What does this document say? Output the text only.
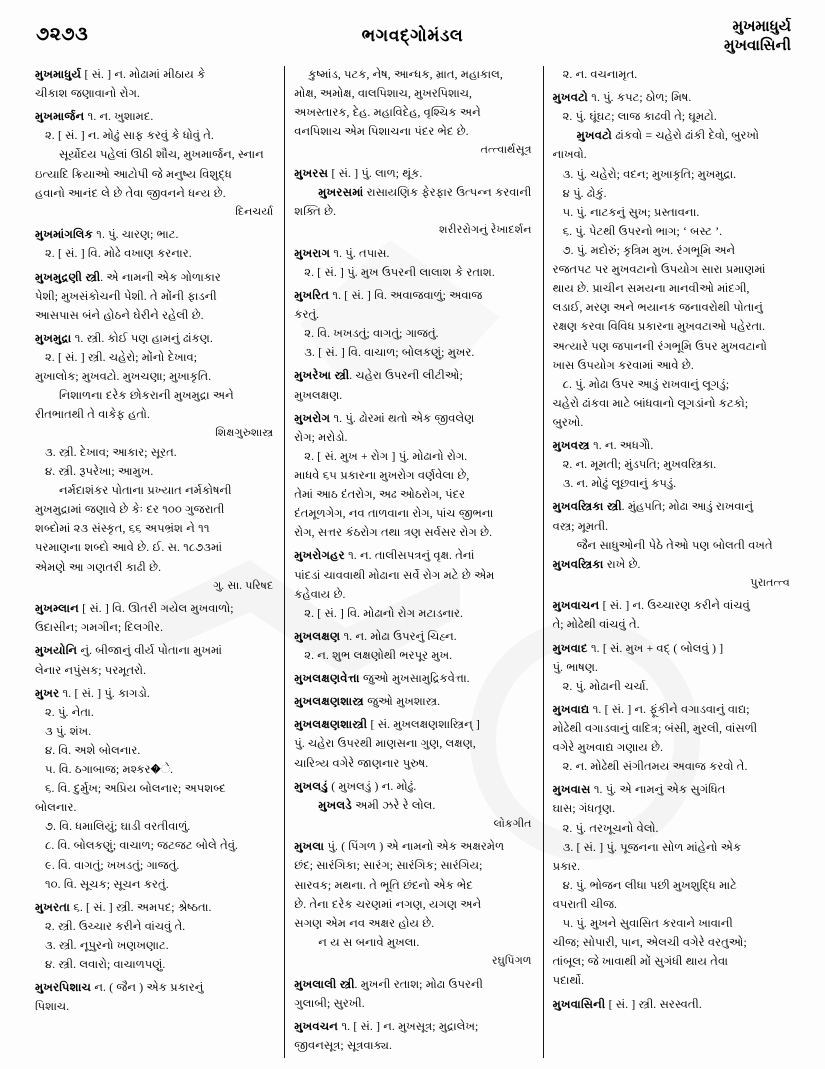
૭૨૭૩	ભગવદ્ગોમંડલ	મુખમાધુર્ય
મુખવાસિની

મુખમાધુર્ય [ સં. ] ન. મોઢામાં મીઠાય કે

ચીકાશ જણાવાનો રોગ.

મુખમાર્જન ૧. ન. ખુશામદ.

૨. [ સં. ] ન. મોઢું સાફ કરવું કે ધોવું તે.

સૂર્યોદય પહેલાં ઊઠી શૌચ, મુખમાર્જન, સ્નાન

ઇત્યાદિ ક્રિયાઓ આટોપી જે મનુષ્ય વિશુદ્ધ

હવાનો આનંદ લે છે તેવા જીવનને ધન્ય છે.

દિનચર્યા

મુખમાંગલિક ૧. પું. ચારણ; ભાટ.

૨. [ સં. ] વિ. મોઢે વખાણ કરનાર.

મુખમુદ્રણી સ્ત્રી. એ નામની એક ગોળાકાર

પેશી; મુખસંકોચની પેશી. તે મોંની ફાડની

આસપાસ બંને હોઠને ઘેરીને રહેલી છે.

મુખમુદ્રા ૧. સ્ત્રી. કોઈ પણ હામનું ઢાંકણ.

૨. [ સં. ] સ્ત્રી. ચહેરો; મોંનો દેખાવ;

મુખાલોક; મુખવટો. મુખચણા; મુખાકૃતિ.

નિશાળના દરેક છોકરાની મુખમુદ્રા અને

રીતભાતથી તે વાકેફ હતો.

શિક્ષગુરુશાસ્ત્ર

૩. સ્ત્રી. દેખાવ; આકાર; સૂરત.

૪. સ્ત્રી. રૂપરેખા; આમુખ.

નર્મદાશંકર પોતાના પ્રખ્યાત નર્મકોષની

મુખમુદ્રામાં જણાવે છે કેઃ દર ૧૦૦ ગુજરાતી

શબ્દોમાં ૨૩ સંસ્કૃત, ૬૬ અપભ્રંશ ને ૧૧

પરમાણના શબ્દો આવે છે. ઈ. સ. ૧૮૭૩માં

એમણે આ ગણતરી કાઢી છે.

ગુ. સા. પરિષદ

મુખમ્લાન [ સં. ] વિ. ઊતરી ગયેલ મુખવાળો;

ઉદાસીન; ગમગીન; દિલગીર.

મુખયોનિ નું. બીજાનું વીર્ય પોતાના મુખમાં

લેનાર નપુંસક; પરમૂતરો.

મુખર ૧. [ સં. ] પું. કાગડો.

૨. પું. નેતા.

૩ પું. શંખ.

૪. વિ. અશે બોલનાર.

૫. વિ. ઠગાબાજ; મશ્કર�ે.

૬. વિ. દુર્મુખ; અપ્રિય બોલનાર; અપશબ્દ

બોલનાર.

૭. વિ. ધમાલિયું; ઘાડી વરતીવાળું.

૮. વિ. બોલકણું; વાચાળ; જટજટ બોલે તેવું.

૯. વિ. વાગતું; ખખડતું; ગાજતું.

૧૦. વિ. સૂચક; સૂચન કરતું.

મુખરતા ૬. [ સં. ] સ્ત્રી. અમપદ; શ્રેષ્ઠતા.

૨. સ્ત્રી. ઉચ્ચાર કરીને વાંચવું તે.

૩. સ્ત્રી. નૂપુરનો ખણખણાટ.

૪. સ્ત્રી. લવારો; વાચાળપણું.

મુખરપિશાચ ન. ( જૈન ) એક પ્રકારનું

પિશાચ.

કુષ્માંડ, પટક, નેષ, આન્ધક, મ્રાત, મહાકાલ,

મોક્ષ, અમોક્ષ, વાલપિશાચ, મુખરપિશાચ,

અખસ્તારક, દેહ. મહાવિદેહ, વૃશ્ચિક અને

વનપિશાચ એમ પિશાચના પંદર ભેદ છે.

તત્ત્વાર્થસૂત્ર

મુખરસ [ સં. ] પું. લાળ; થૂંક.

મુખરસમાં રાસાયણિક ફેરફાર ઉત્પન્ન કરવાની

શક્તિ છે.

શરીરરોગનું રેખાદર્શન

મુખરાગ ૧. પું. તપાસ.

૨. [ સં. ] પું. મુખ ઉપરની લાલાશ કે રતાશ.

મુખરિત ૧. [ સં. ] વિ. અવાજવાળું; અવાજ

કરતું.

૨. વિ. ખખડતું; વાગતું; ગાજતું.

૩. [ સં. ] વિ. વાચાળ; બોલકણું; મુખર.

મુખરેખા સ્ત્રી. ચહેરા ઉપરની લીટીઓ;

મુખલક્ષણ.

મુખરોગ ૧. પું. ઢોરમાં થતો એક જીવલેણ

રોગ; મરોડો.

૨. [ સં. મુખ + રોગ ] પું. મોઢાનો રોગ.

માધવે ૬૫ પ્રકારના મુખરોગ વર્ણવેલા છે,

તેમાં આઠ દંતરોગ, અઢ ઓઠરોગ, પંદર

દંતમૂળગેગ, નવ તાળવાના રોગ, પાંચ જીભના

રોગ, સત્તર કંઠરોગ તથા ત્રણ સર્વસર રોગ છે.

મુખરોગહર ૧. ન. તાલીસપત્રનું વૃક્ષ. તેનાં

પાંદડાં ચાવવાથી મોઢાના સર્વે રોગ મટે છે એમ

કહેવાય છે.

૨. [ સં. ] વિ. મોઢાનો રોગ મટાડનાર.

મુખલક્ષણ ૧. ન. મોઢા ઉપરનું ચિહ્ન.

૨. ન. શુભ લક્ષણોથી ભરપૂર મુખ.

મુખલક્ષણવેત્તા જુઓ મુખસામુદ્રિકવેત્તા.

મુખલક્ષણશાસ્ત્ર જુઓ મુખશાસ્ત્ર.

મુખલક્ષણશાસ્ત્રી [ સં. મુખલક્ષણશાસ્ત્રિન્ ]

પું. ચહેરા ઉપરથી માણસના ગુણ, લક્ષણ,

ચારિત્ર્ય વગેરે જાણનાર પુરુષ.

મુખલડું ( મુખલડું ) ન. મોઢું.

મુખલડે અમી ઝરે રે લોલ.

લોકગીત

મુખલા પું. ( પિંગળ ) એ નામનો એક અક્ષરમેળ

છંદ; સારંગિકા; સારંગ; સારંગિક; સારંગિય;

સારવક; મથના. તે ભૂતિ છંદનો એક ભેદ

છે. તેના દરેક ચરણમાં નગણ, યગણ અને

સગણ એમ નવ અક્ષર હોય છે.

ન ય સ બનાવે મુખલા.

રઘુપિંગળ

મુખલાલી સ્ત્રી. મુખની રતાશ; મોઢા ઉપરની

ગુલાબી; સુરખી.

મુખવચન ૧. [ સં. ] ન. મુખસૂત્ર; મુદ્રાલેખ;

જીવનસૂત્ર; સૂત્રવાક્ય.

૨. ન. વચનામૃત.

મુખવટો ૧. પું. કપટ; ઠોળ; મિષ.

૨. પું. ઘૂંઘટ; લાજ કાઢવી તે; ઘૂમટો.

મુખવટો ઢાંકવો = ચહેરો ઢાંકી દેવો, બુરખો

નાખવો.

૩. પું. ચહેરો; વદન; મુખાકૃતિ; મુખમુદ્રા.

૪ પું. ઢોકું.

૫. પું. નાટકનું સુખ; પ્રસ્તાવના.

૬. પું. પેટથી ઉપરનો ભાગ; ‘ બસ્ટ ’.

૭. પું. મદોરું; કૃત્રિમ મુખ. રંગભૂમિ અને

રજતપટ પર મુખવટાનો ઉપયોગ સારા પ્રમાણમાં

થાય છે. પ્રાચીન સમયના માનવીઓ માંદગી,

લડાઈ, મરણ અને ભયાનક જનાવરોથી પોતાનું

રક્ષણ કરવા વિવિધ પ્રકારના મુખવટાઓ પહેરતા.

અત્યારે પણ જપાનની રંગભૂમિ ઉપર મુખવટાનો

ખાસ ઉપયોગ કરવામાં આવે છે.

૮. પું. મોઢા ઉપર આડું રાખવાનું લૂગડું;

ચહેરો ઢાંકવા માટે બાંધવાનો લૂગડાંનો કટકો;

બુરખો.

મુખવસ્ત્ર ૧. ન. અધગોે.

૨. ન. મૂમતી; મુંડપતિ; મુખવસ્ત્રિકા.

૩. ન. મોઢું લૂછવાનું કપડું.

મુખવસ્ત્રિકા સ્ત્રી. મુંહપતિ; મોઢા આડું રાખવાનું

વસ્ત્ર; મૂમતી.

જૈન સાધુઓની પેઠે તેઓ પણ બોલતી વખતે

મુખવસ્ત્રિકા રાખે છે.

પુરાતત્ત્વ

મુખવાચન [ સં. ] ન. ઉચ્ચારણ કરીને વાંચવું

તે; મોઢેથી વાંચવું તે.

મુખવાદ ૧. [ સં. મુખ + વદ્ ( બોલવું ) ]

પું. ભાષણ.

૨. પું. મોઢાની ચર્ચા.

મુખવાદ્ય ૧. [ સં. ] ન. ફૂંકીને વગાડવાનું વાદ્ય;

મોઢેથી વગાડવાનું વાદિત્ર; બંસી, મુરલી, વાંસળી

વગેરે મુખવાદ્ય ગણાય છે.

૨. ન. મોઢેથી સંગીતમય અવાજ કરવો તે.

મુખવાસ ૧. પું. એ નામનું એક સુગંધિત

ઘાસ; ગંધતૃણ.

૨. પું. તરખૂચનો વેલો.

૩. [ સં. ] પું. પૂજનના સોળ માંહેનો એક

પ્રકાર.

૪. પું. ભોજન લીધા પછી મુખશુદ્ધિ માટે

વપરાતી ચીજ.

૫. પું. મુખને સુવાસિત કરવાને ખાવાની

ચીજ; સોપારી, પાન, એલચી વગેરે વરતુઓ;

તાંબૂલ; જે ખાવાથી મોં સુગંધી થાય તેવા

પદાર્થો.

મુખવાસિની [ સં. ] સ્ત્રી. સરસ્વતી.
